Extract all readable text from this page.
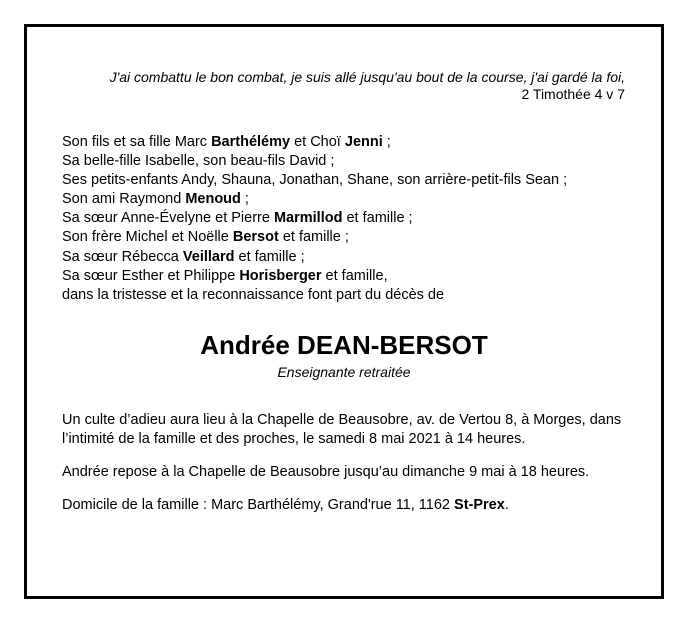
J'ai combattu le bon combat, je suis allé jusqu'au bout de la course, j'ai gardé la foi,
2 Timothée 4 v 7
Son fils et sa fille Marc Barthélémy et Choï Jenni ;
Sa belle-fille Isabelle, son beau-fils David ;
Ses petits-enfants Andy, Shauna, Jonathan, Shane, son arrière-petit-fils Sean ;
Son ami Raymond Menoud ;
Sa sœur Anne-Évelyne et Pierre Marmillod et famille ;
Son frère Michel et Noëlle Bersot et famille ;
Sa sœur Rébecca Veillard et famille ;
Sa sœur Esther et Philippe Horisberger et famille,
dans la tristesse et la reconnaissance font part du décès de
Andrée DEAN-BERSOT
Enseignante retraitée

Un culte d’adieu aura lieu à la Chapelle de Beausobre, av. de Vertou 8, à Morges, dans l’intimité de la famille et des proches, le samedi 8 mai 2021 à 14 heures.

Andrée repose à la Chapelle de Beausobre jusqu’au dimanche 9 mai à 18 heures.

Domicile de la famille : Marc Barthélémy, Grand'rue 11, 1162 St-Prex.
